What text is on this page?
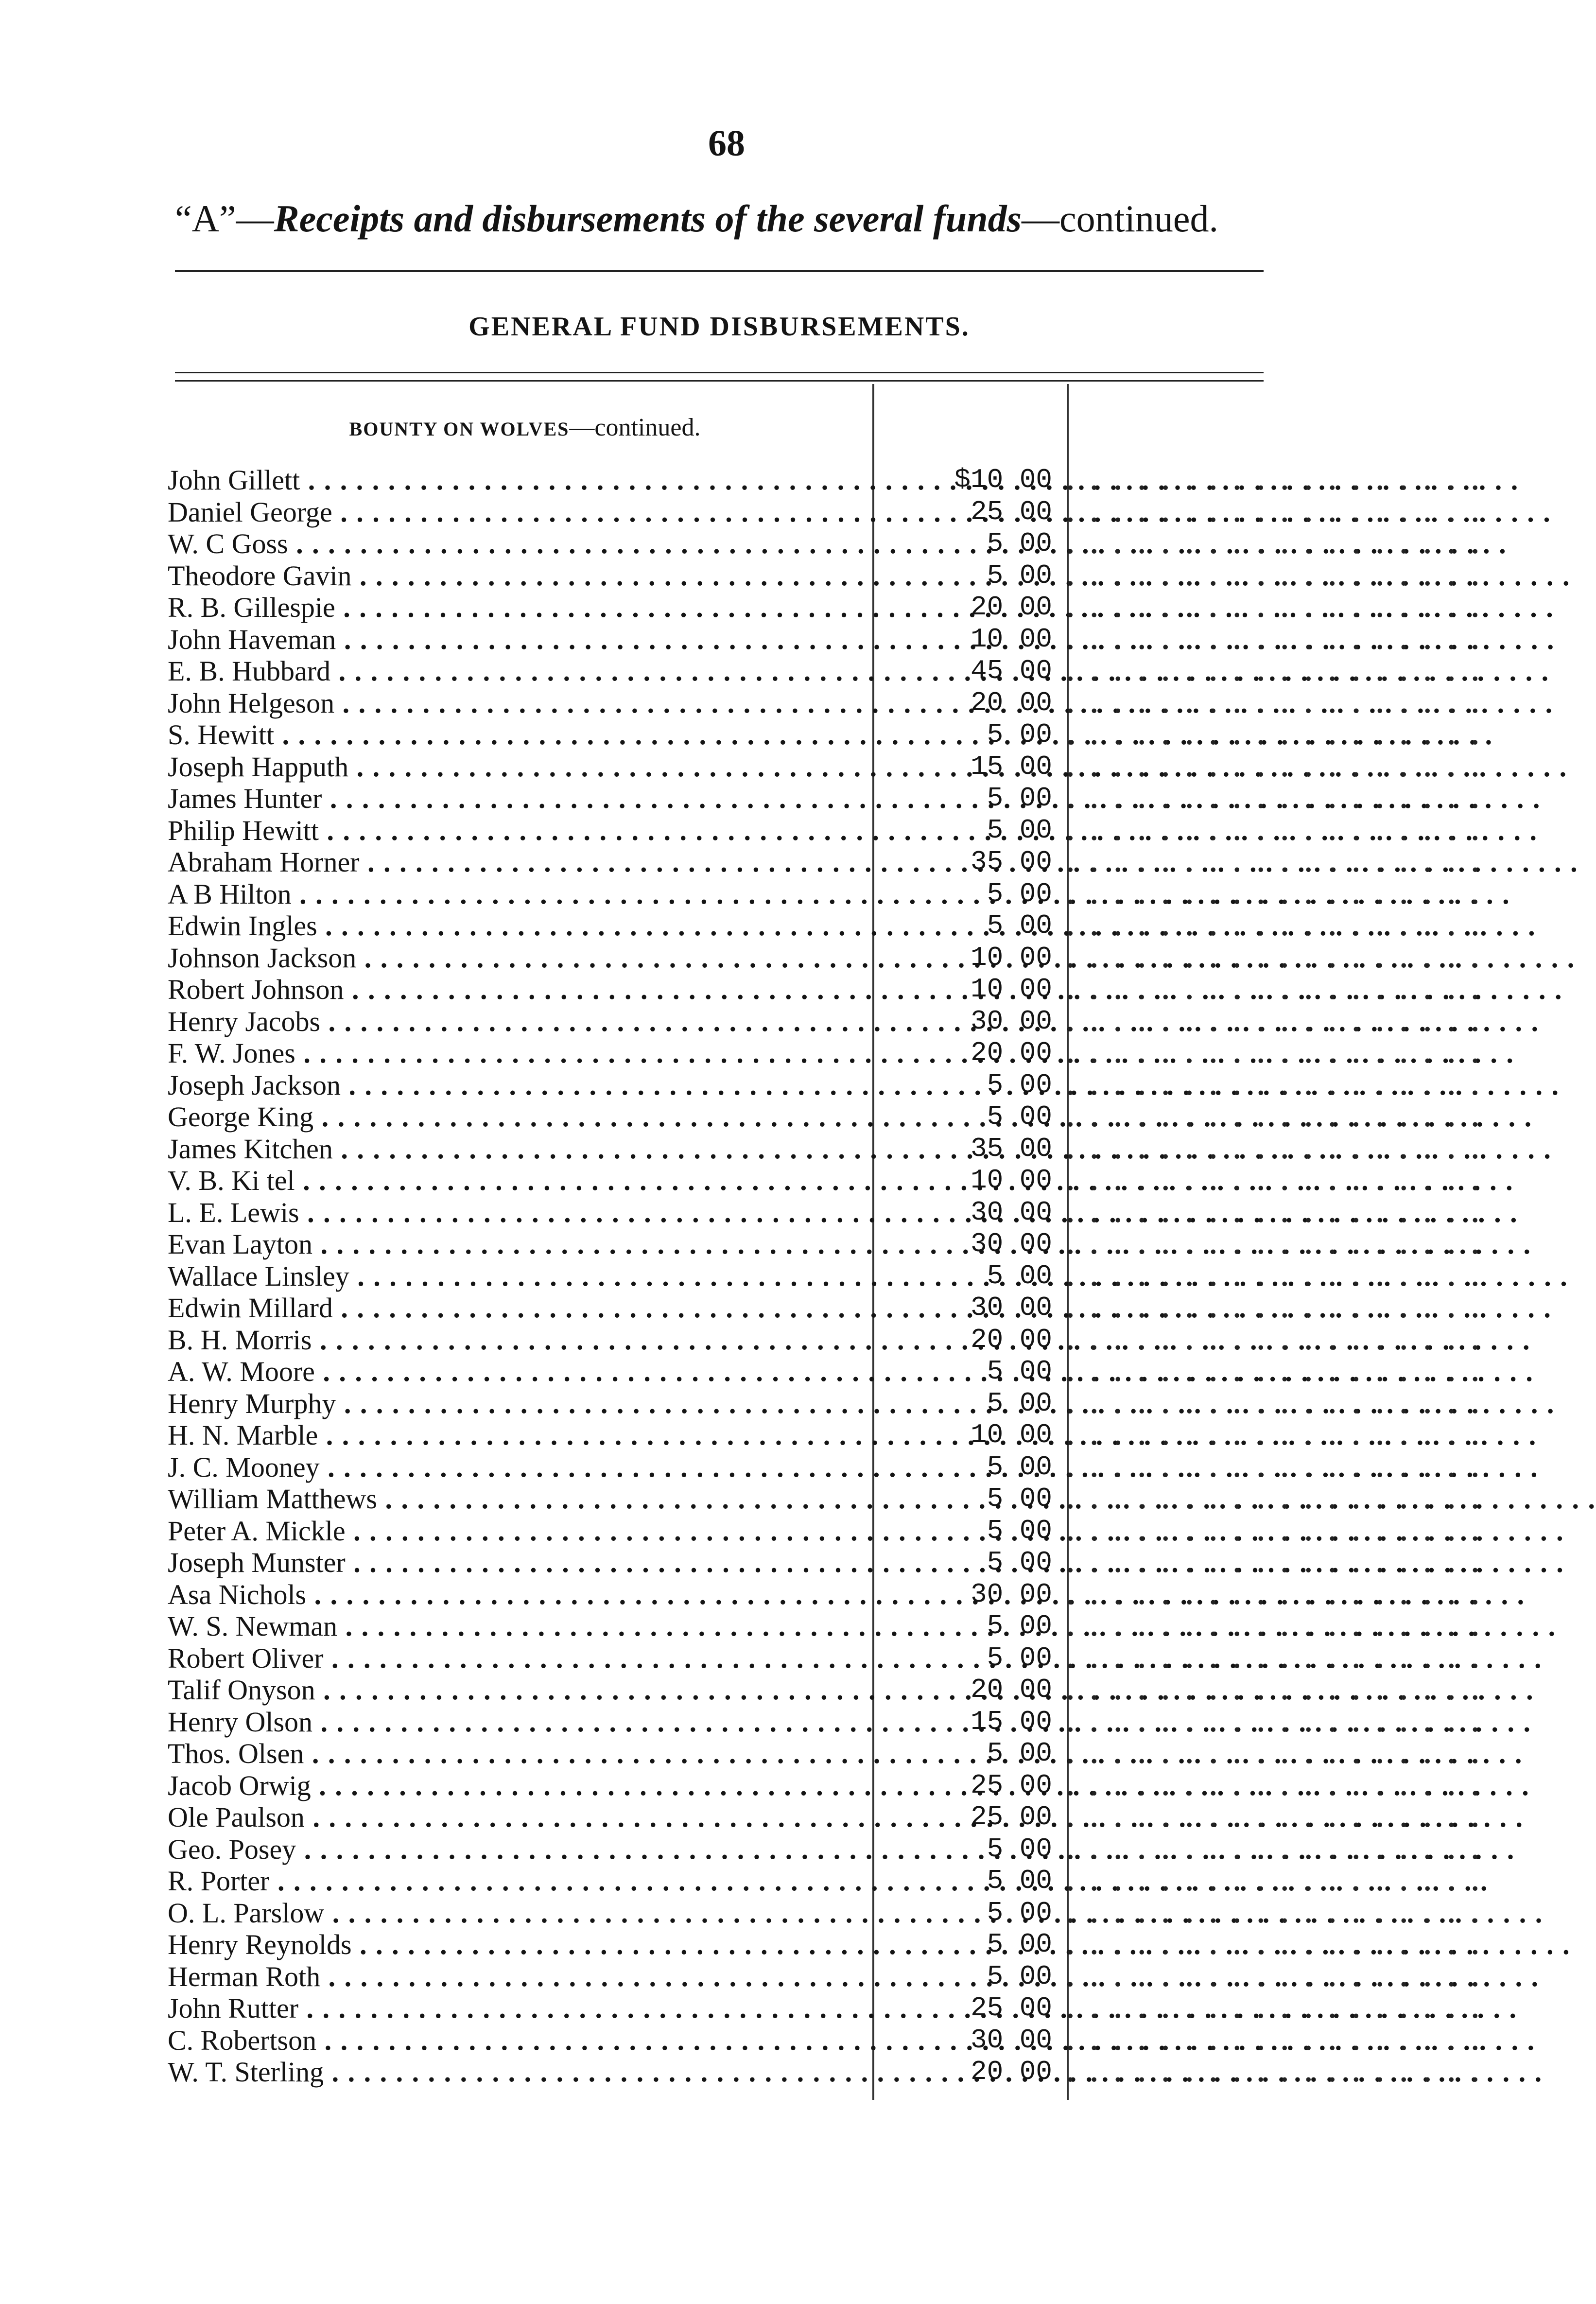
68
“A”—Receipts and disbursements of the several funds—continued.
GENERAL FUND DISBURSEMENTS.
BOUNTY ON WOLVES—continued.
John Gillett . . .	$10 00 . . . . . . . . . . . . . . . . . .
Daniel George . . .	25 00 . . . . . . . . . . . . . . . . . .
W. C Goss . . .	5 00 . . . . . . . . . . . . . . . . . .
Theodore Gavin . . .	5 00 . . . . . . . . . . . . . . . . . .
R. B. Gillespie . . .	20 00 . . . . . . . . . . . . . . . . . .
John Haveman . . .	10 00 . . . . . . . . . . . . . . . . . .
E. B. Hubbard . . .	45 00 . . . . . . . . . . . . . . . . . .
John Helgeson . . .	20 00 . . . . . . . . . . . . . . . . . .
S. Hewitt . . .	5 00 . . . . . . . . . . . . . . . . . .
Joseph Happuth . . .	15 00 . . . . . . . . . . . . . . . . . .
James Hunter . . .	5 00 . . . . . . . . . . . . . . . . . .
Philip Hewitt . . .	5 00 . . . . . . . . . . . . . . . . . .
Abraham Horner . . .	35 00 . . . . . . . . . . . . . . . . . .
A B Hilton . . .	5 00 . . . . . . . . . . . . . . . . . .
Edwin Ingles . . .	5 00 . . . . . . . . . . . . . . . . . .
Johnson Jackson . . .	10 00 . . . . . . . . . . . . . . . . . .
Robert Johnson . . .	10 00 . . . . . . . . . . . . . . . . . .
Henry Jacobs . . .	30 00 . . . . . . . . . . . . . . . . . .
F. W. Jones . . .	20 00 . . . . . . . . . . . . . . . . . .
Joseph Jackson . . .	5 00 . . . . . . . . . . . . . . . . . .
George King . . .	5 00 . . . . . . . . . . . . . . . . . .
James Kitchen . . .	35 00 . . . . . . . . . . . . . . . . . .
V. B. Ki tel . . .	10 00 . . . . . . . . . . . . . . . . . .
L. E. Lewis . . .	30 00 . . . . . . . . . . . . . . . . . .
Evan Layton . . .	30 00 . . . . . . . . . . . . . . . . . .
Wallace Linsley . . .	5 00 . . . . . . . . . . . . . . . . . .
Edwin Millard . . .	30 00 . . . . . . . . . . . . . . . . . .
B. H. Morris . . .	20 00 . . . . . . . . . . . . . . . . . .
A. W. Moore . . .	5 00 . . . . . . . . . . . . . . . . . .
Henry Murphy . . .	5 00 . . . . . . . . . . . . . . . . . .
H. N. Marble . . .	10 00 . . . . . . . . . . . . . . . . . .
J. C. Mooney . . .	5 00 . . . . . . . . . . . . . . . . . .
William Matthews . . .	5 00 . . . . . . . . . . . . . . . . . .
Peter A. Mickle . . .	5 00 . . . . . . . . . . . . . . . . . .
Joseph Munster . . .	5 00 . . . . . . . . . . . . . . . . . .
Asa Nichols . . .	30 00 . . . . . . . . . . . . . . . . . .
W. S. Newman . . .	5 00 . . . . . . . . . . . . . . . . . .
Robert Oliver . . .	5 00 . . . . . . . . . . . . . . . . . .
Talif Onyson . . .	20 00 . . . . . . . . . . . . . . . . . .
Henry Olson . . .	15 00 . . . . . . . . . . . . . . . . . .
Thos. Olsen . . .	5 00 . . . . . . . . . . . . . . . . . .
Jacob Orwig . . .	25 00 . . . . . . . . . . . . . . . . . .
Ole Paulson . . .	25 00 . . . . . . . . . . . . . . . . . .
Geo. Posey . . .	5 00 . . . . . . . . . . . . . . . . . .
R. Porter . . .	5 00 . . . . . . . . . . . . . . . . . .
O. L. Parslow . . .	5 00 . . . . . . . . . . . . . . . . . .
Henry Reynolds . . .	5 00 . . . . . . . . . . . . . . . . . .
Herman Roth . . .	5 00 . . . . . . . . . . . . . . . . . .
John Rutter . . .	25 00 . . . . . . . . . . . . . . . . . .
C. Robertson . . .	30 00 . . . . . . . . . . . . . . . . . .
W. T. Sterling . . .	20 00 . . . . . . . . . . . . . . . . . .
